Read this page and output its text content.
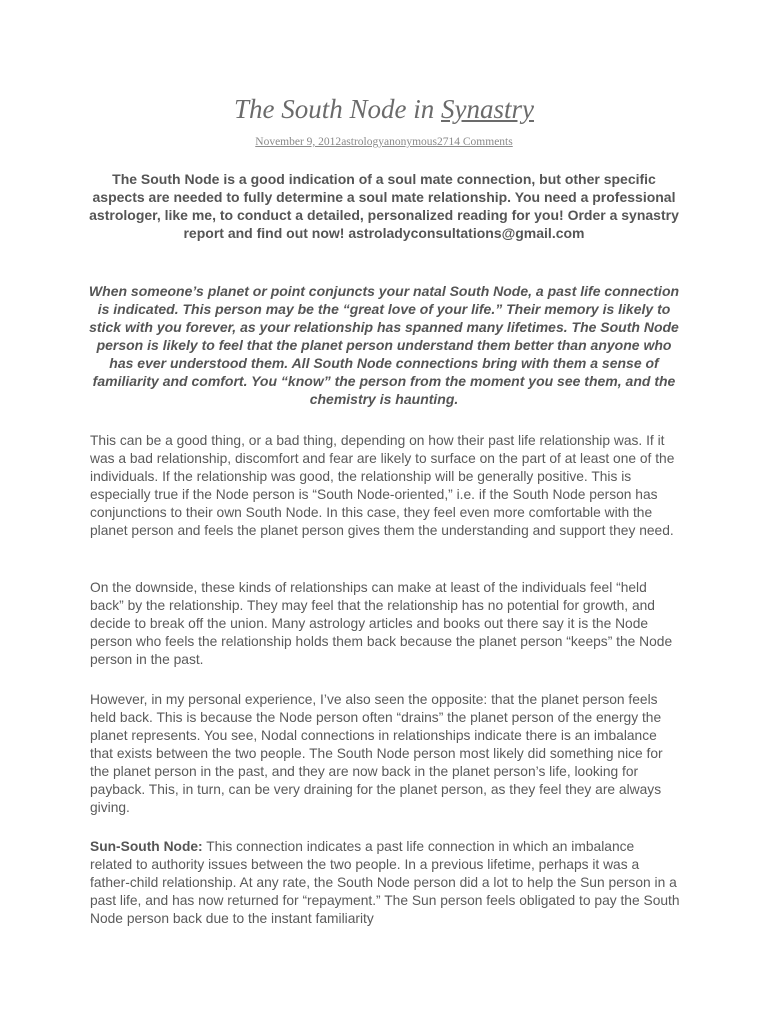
The South Node in Synastry
November 9, 2012astrologyanonymous2714 Comments

The South Node is a good indication of a soul mate connection, but other specific aspects are needed to fully determine a soul mate relationship. You need a professional astrologer, like me, to conduct a detailed, personalized reading for you! Order a synastry report and find out now! astroladyconsultations@gmail.com

When someone’s planet or point conjuncts your natal South Node, a past life connection is indicated. This person may be the “great love of your life.” Their memory is likely to stick with you forever, as your relationship has spanned many lifetimes. The South Node person is likely to feel that the planet person understand them better than anyone who has ever understood them. All South Node connections bring with them a sense of familiarity and comfort. You “know” the person from the moment you see them, and the chemistry is haunting.

This can be a good thing, or a bad thing, depending on how their past life relationship was. If it was a bad relationship, discomfort and fear are likely to surface on the part of at least one of the individuals. If the relationship was good, the relationship will be generally positive. This is especially true if the Node person is “South Node-oriented,” i.e. if the South Node person has conjunctions to their own South Node. In this case, they feel even more comfortable with the planet person and feels the planet person gives them the understanding and support they need.

On the downside, these kinds of relationships can make at least of the individuals feel “held back” by the relationship. They may feel that the relationship has no potential for growth, and decide to break off the union. Many astrology articles and books out there say it is the Node person who feels the relationship holds them back because the planet person “keeps” the Node person in the past.

However, in my personal experience, I’ve also seen the opposite: that the planet person feels held back. This is because the Node person often “drains” the planet person of the energy the planet represents. You see, Nodal connections in relationships indicate there is an imbalance that exists between the two people. The South Node person most likely did something nice for the planet person in the past, and they are now back in the planet person’s life, looking for payback. This, in turn, can be very draining for the planet person, as they feel they are always giving.

Sun-South Node: This connection indicates a past life connection in which an imbalance related to authority issues between the two people. In a previous lifetime, perhaps it was a father-child relationship. At any rate, the South Node person did a lot to help the Sun person in a past life, and has now returned for “repayment.” The Sun person feels obligated to pay the South Node person back due to the instant familiarity
